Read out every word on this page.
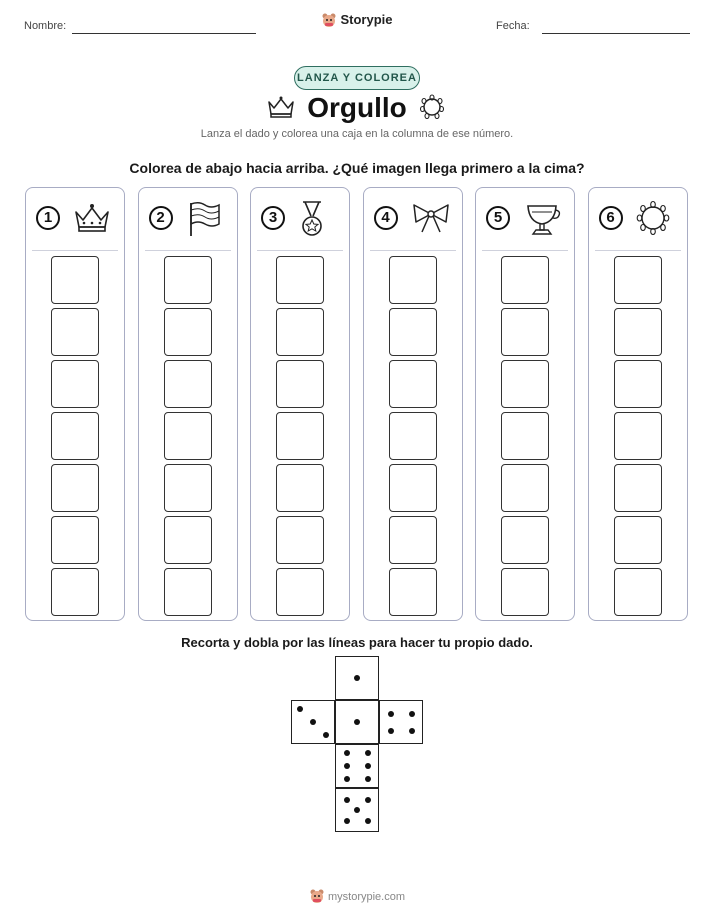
Nombre:	Storypie	Fecha:
LANZA Y COLOREA
Orgullo
Lanza el dado y colorea una caja en la columna de ese número.
Colorea de abajo hacia arriba. ¿Qué imagen llega primero a la cima?
1	2	3	4	5	6
Recorta y dobla por las líneas para hacer tu propio dado.
mystorypie.com
